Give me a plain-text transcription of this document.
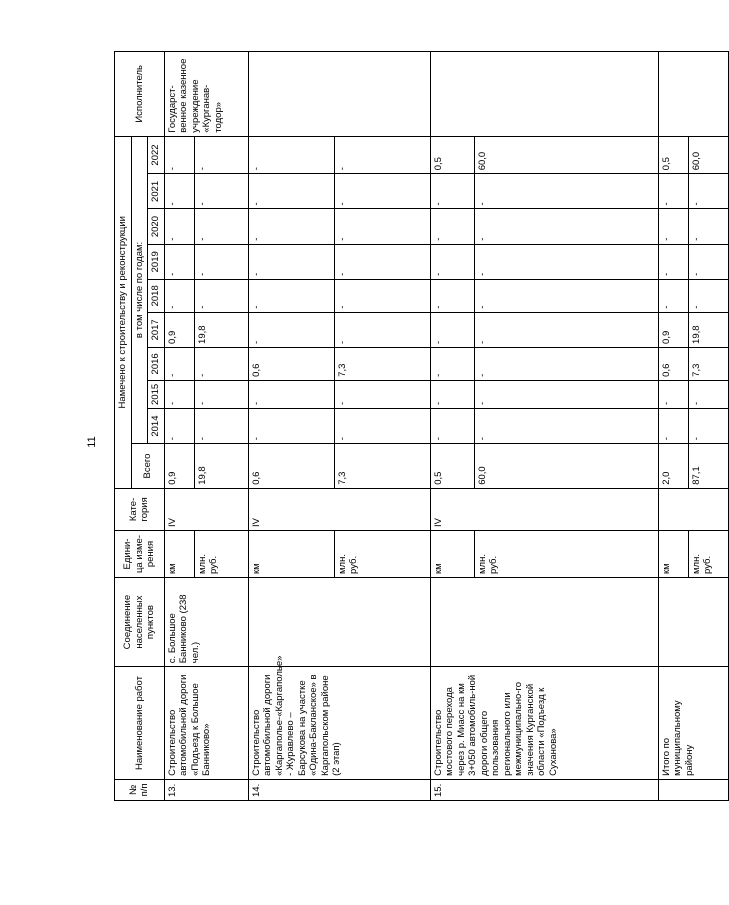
11
№ п/п	Наименование работ	Соединение населенных пунктов	Едини-ца изме-рения	Кате-гория	Намечено к строительству и реконструкции										Исполнитель
					Всего	в том числе по годам:									
						2014	2015	2016	2017	2018	2019	2020	2021	2022	
13.	Строительство автомобильной дороги «Подъезд к Большое Банниково»	с. Большое Банниково (238 чел.)	км	IV	0,9	-	-	-	0,9	-	-	-	-	-	Государст-венное казенное учреждение «Курганав-тодор»
			млн. руб.		19,8	-	-	-	19,8	-	-	-	-	-	
14.	Строительство автомобильной дороги «Каргаполье-«Каргаполье» - Журавлево – Барсукова на участке «Одина-Бакланское» в Каргапольском районе (2 этап)		км	IV	0,6	-	-	0,6	-	-	-	-	-	-	
			млн. руб.		7,3	-	-	7,3	-	-	-	-	-	-	
15.	Строительство мостового перехода через р. Миасс на км 3+050 автомобиль-ной дороги общего пользования регионального или межмуниципально-го значения Курганской области «Подъезд к Суханова»		км	IV	0,5	-	-	-	-	-	-	-	-	0,5	
			млн. руб.		60,0	-	-	-	-	-	-	-	-	60,0	
	Итого по муниципальному району		км		2,0	-	-	0,6	0,9	-	-	-	-	0,5	
			млн. руб.		87,1	-	-	7,3	19,8	-	-	-	-	60,0	
